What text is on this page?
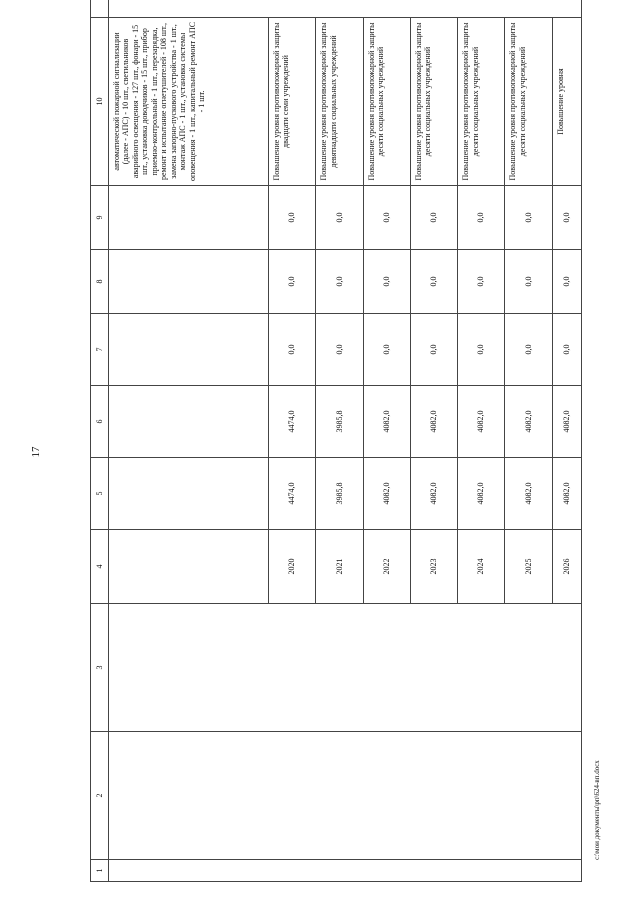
17
1	2	3	4	5	6	7	8	9	10	
									автоматической пожарной сигнализации (далее - АПС) - 10 шт., светильников аварийного освещения - 127 шт., фонари - 15 шт., установка доводчиков - 15 шт., прибор приемно-контрольный - 1 шт., перезарядка, ремонт и испытание огнетушителей - 108 шт., замена запорно-пускового устройства - 1 шт., монтаж АПС - 1 шт., установка системы оповещения - 1 шт., капитальный ремонт АПС - 1 шт.	
			2020	4474,0	4474,0	0,0	0,0	0,0	Повышение уровня противопожарной защиты двадцати семи учреждений	
			2021	3985,8	3985,8	0,0	0,0	0,0	Повышение уровня противопожарной защиты девятнадцати социальных учреждений	
			2022	4082,0	4082,0	0,0	0,0	0,0	Повышение уровня противопожарной защиты десяти социальных учреждений	
			2023	4082,0	4082,0	0,0	0,0	0,0	Повышение уровня противопожарной защиты десяти социальных учреждений	
			2024	4082,0	4082,0	0,0	0,0	0,0	Повышение уровня противопожарной защиты десяти социальных учреждений	
			2025	4082,0	4082,0	0,0	0,0	0,0	Повышение уровня противопожарной защиты десяти социальных учреждений	
			2026	4082,0	4082,0	0,0	0,0	0,0	Повышение уровня	
c:\мои документы\рп\624-вп.docx
